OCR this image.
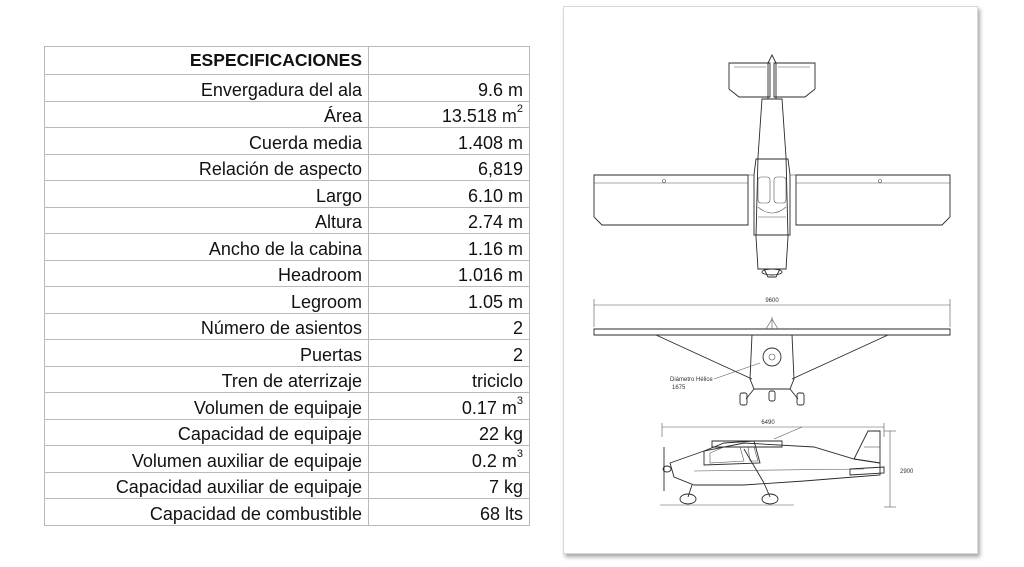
ESPECIFICACIONES	
Envergadura del ala	9.6 m
Área	13.518 $m^2$
Cuerda media	1.408 m
Relación de aspecto	6,819
Largo	6.10 m
Altura	2.74 m
Ancho de la cabina	1.16 m
Headroom	1.016 m
Legroom	1.05 m
Número de asientos	2
Puertas	2
Tren de aterrizaje	triciclo
Volumen de equipaje	0.17 $m^3$
Capacidad de equipaje	22 kg
Volumen auxiliar de equipaje	0.2 $m^3$
Capacidad auxiliar de equipaje	7 kg
Capacidad de combustible	68 lts
9600
Diámetro Hélice
1675
6490
2900
